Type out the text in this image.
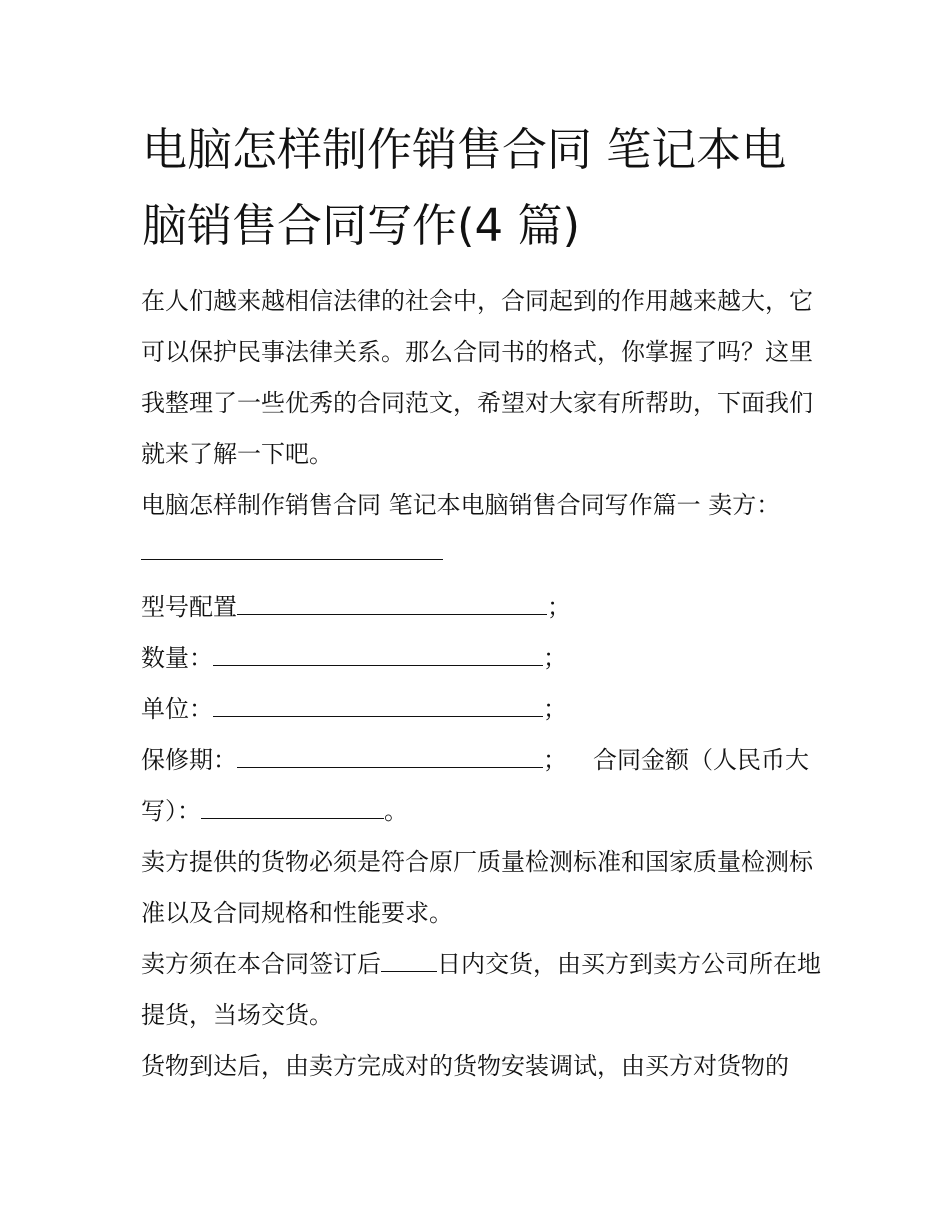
电脑怎样制作销售合同 笔记本电脑销售合同写作(4 篇)

在人们越来越相信法律的社会中，合同起到的作用越来越大，它可以保护民事法律关系。那么合同书的格式，你掌握了吗？这里我整理了一些优秀的合同范文，希望对大家有所帮助，下面我们就来了解一下吧。

电脑怎样制作销售合同 笔记本电脑销售合同写作篇一 卖方：

型号配置	；

数量：	；

单位：	；

保修期：	； 合同金额（人民币大写）：	。

卖方提供的货物必须是符合原厂质量检测标准和国家质量检测标准以及合同规格和性能要求。

卖方须在本合同签订后 日内交货，由买方到卖方公司所在地提货，当场交货。

货物到达后，由卖方完成对的货物安装调试，由买方对货物的
